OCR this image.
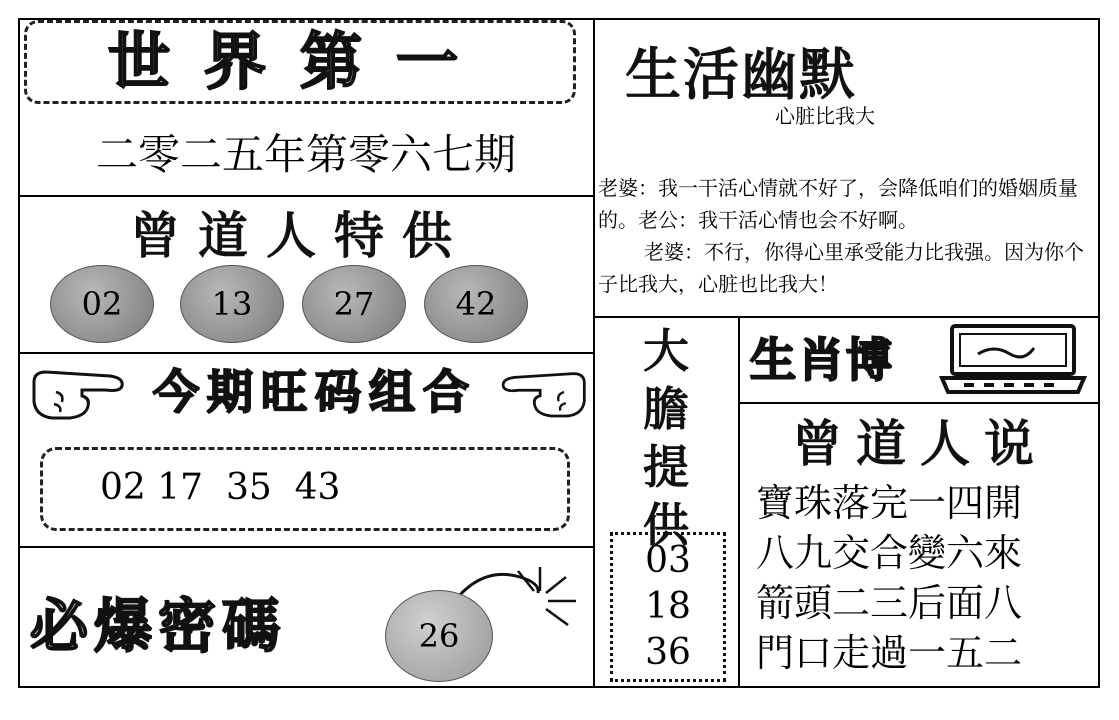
世界第一
二零二五年第零六七期
曾道人特供
02	13	27	42
今期旺码组合
02 17  35  43
必爆密碼	26
生活幽默
心脏比我大
老婆：我一干活心情就不好了，会降低咱们的婚姻质量的。老公：我干活心情也会不好啊。
老婆：不行，你得心里承受能力比我强。因为你个子比我大，心脏也比我大！
大
膽
提
供
03
18
36
生肖博
曾道人说
寶珠落完一四開
八九交合變六來
箭頭二三后面八
門口走過一五二
